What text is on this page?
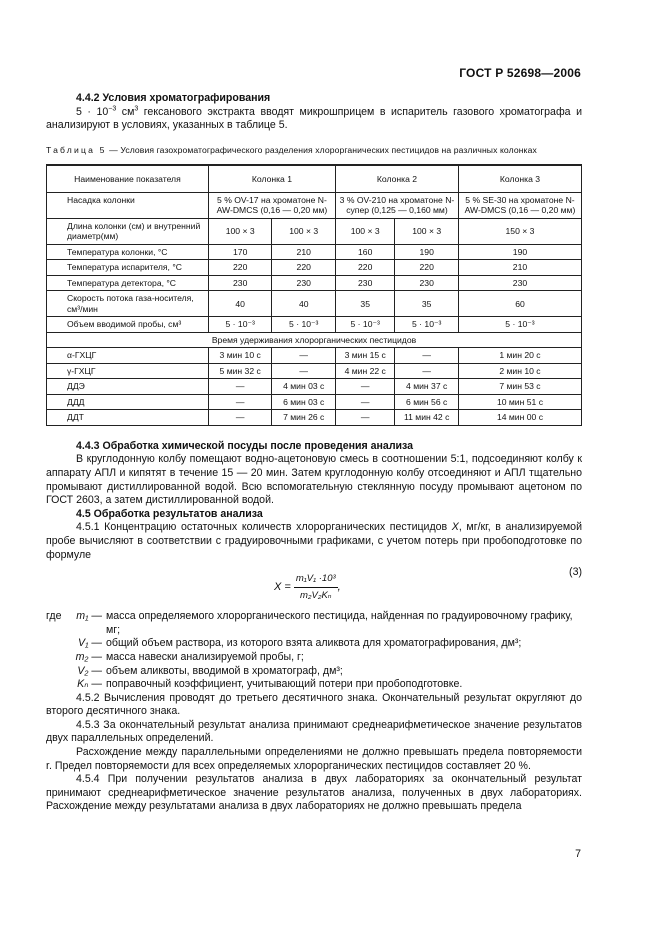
ГОСТ Р 52698—2006

4.4.2 Условия хроматографирования

$5 \cdot 10^{-3}$ $см^3$ гексанового экстракта вводят микрошприцем в испаритель газового хроматографа и анализируют в условиях, указанных в таблице 5.

Таблица 5 — Условия газохроматографического разделения хлорорганических пестицидов на различных колонках

Наименование показателя	Колонка 1		Колонка 2		Колонка 3
Насадка колонки	5 % OV-17 на хроматоне N-AW-DMCS (0,16 — 0,20 мм)		3 % OV-210 на хроматоне N-супер (0,125 — 0,160 мм)		5 % SE-30 на хроматоне N-AW-DMCS (0,16 — 0,20 мм)
Длина колонки (см) и внутренний диаметр(мм)	100 × 3	100 × 3	100 × 3	100 × 3	150 × 3
Температура колонки, °С	170	210	160	190	190
Температура испарителя, °С	220	220	220	220	210
Температура детектора, °С	230	230	230	230	230
Скорость потока газа-носителя, см³/мин	40	40	35	35	60
Объем вводимой пробы, см³	5 · 10⁻³	5 · 10⁻³	5 · 10⁻³	5 · 10⁻³	5 · 10⁻³
Время удерживания хлорорганических пестицидов					
α-ГХЦГ	3 мин 10 с	—	3 мин 15 с	—	1 мин 20 с
γ-ГХЦГ	5 мин 32 с	—	4 мин 22 с	—	2 мин 10 с
ДДЭ	—	4 мин 03 с	—	4 мин 37 с	7 мин 53 с
ДДД	—	6 мин 03 с	—	6 мин 56 с	10 мин 51 с
ДДТ	—	7 мин 26 с	—	11 мин 42 с	14 мин 00 с

4.4.3 Обработка химической посуды после проведения анализа

В круглодонную колбу помещают водно-ацетоновую смесь в соотношении 5:1, подсоединяют колбу к аппарату АПЛ и кипятят в течение 15 — 20 мин. Затем круглодонную колбу отсоединяют и АПЛ тщательно промывают дистиллированной водой. Всю вспомогательную стеклянную посуду промывают ацетоном по ГОСТ 2603, а затем дистиллированной водой.

4.5 Обработка результатов анализа

4.5.1 Концентрацию остаточных количеств хлорорганических пестицидов X, мг/кг, в анализируемой пробе вычисляют в соответствии с градуировочными графиками, с учетом потерь при пробоподготовке по формуле

$X = \frac{\text{m₁V₁ ·10³}}{\text{m₂V₂Kₙ}}$ ,
(3)
где	m₁ — масса определяемого хлорорганического пестицида, найденная по градуировочному графику, мг;
V₁ — общий объем раствора, из которого взята аликвота для хроматографирования, дм³;
m₂ — масса навески анализируемой пробы, г;
V₂ — объем аликвоты, вводимой в хроматограф, дм³;
Kₙ — поправочный коэффициент, учитывающий потери при пробоподготовке.

4.5.2 Вычисления проводят до третьего десятичного знака. Окончательный результат округляют до второго десятичного знака.

4.5.3 За окончательный результат анализа принимают среднеарифметическое значение результатов двух параллельных определений.

Расхождение между параллельными определениями не должно превышать предела повторяемости r. Предел повторяемости для всех определяемых хлорорганических пестицидов составляет 20 %.

4.5.4 При получении результатов анализа в двух лабораториях за окончательный результат принимают среднеарифметическое значение результатов анализа, полученных в двух лабораториях. Расхождение между результатами анализа в двух лабораториях не должно превышать предела

7
